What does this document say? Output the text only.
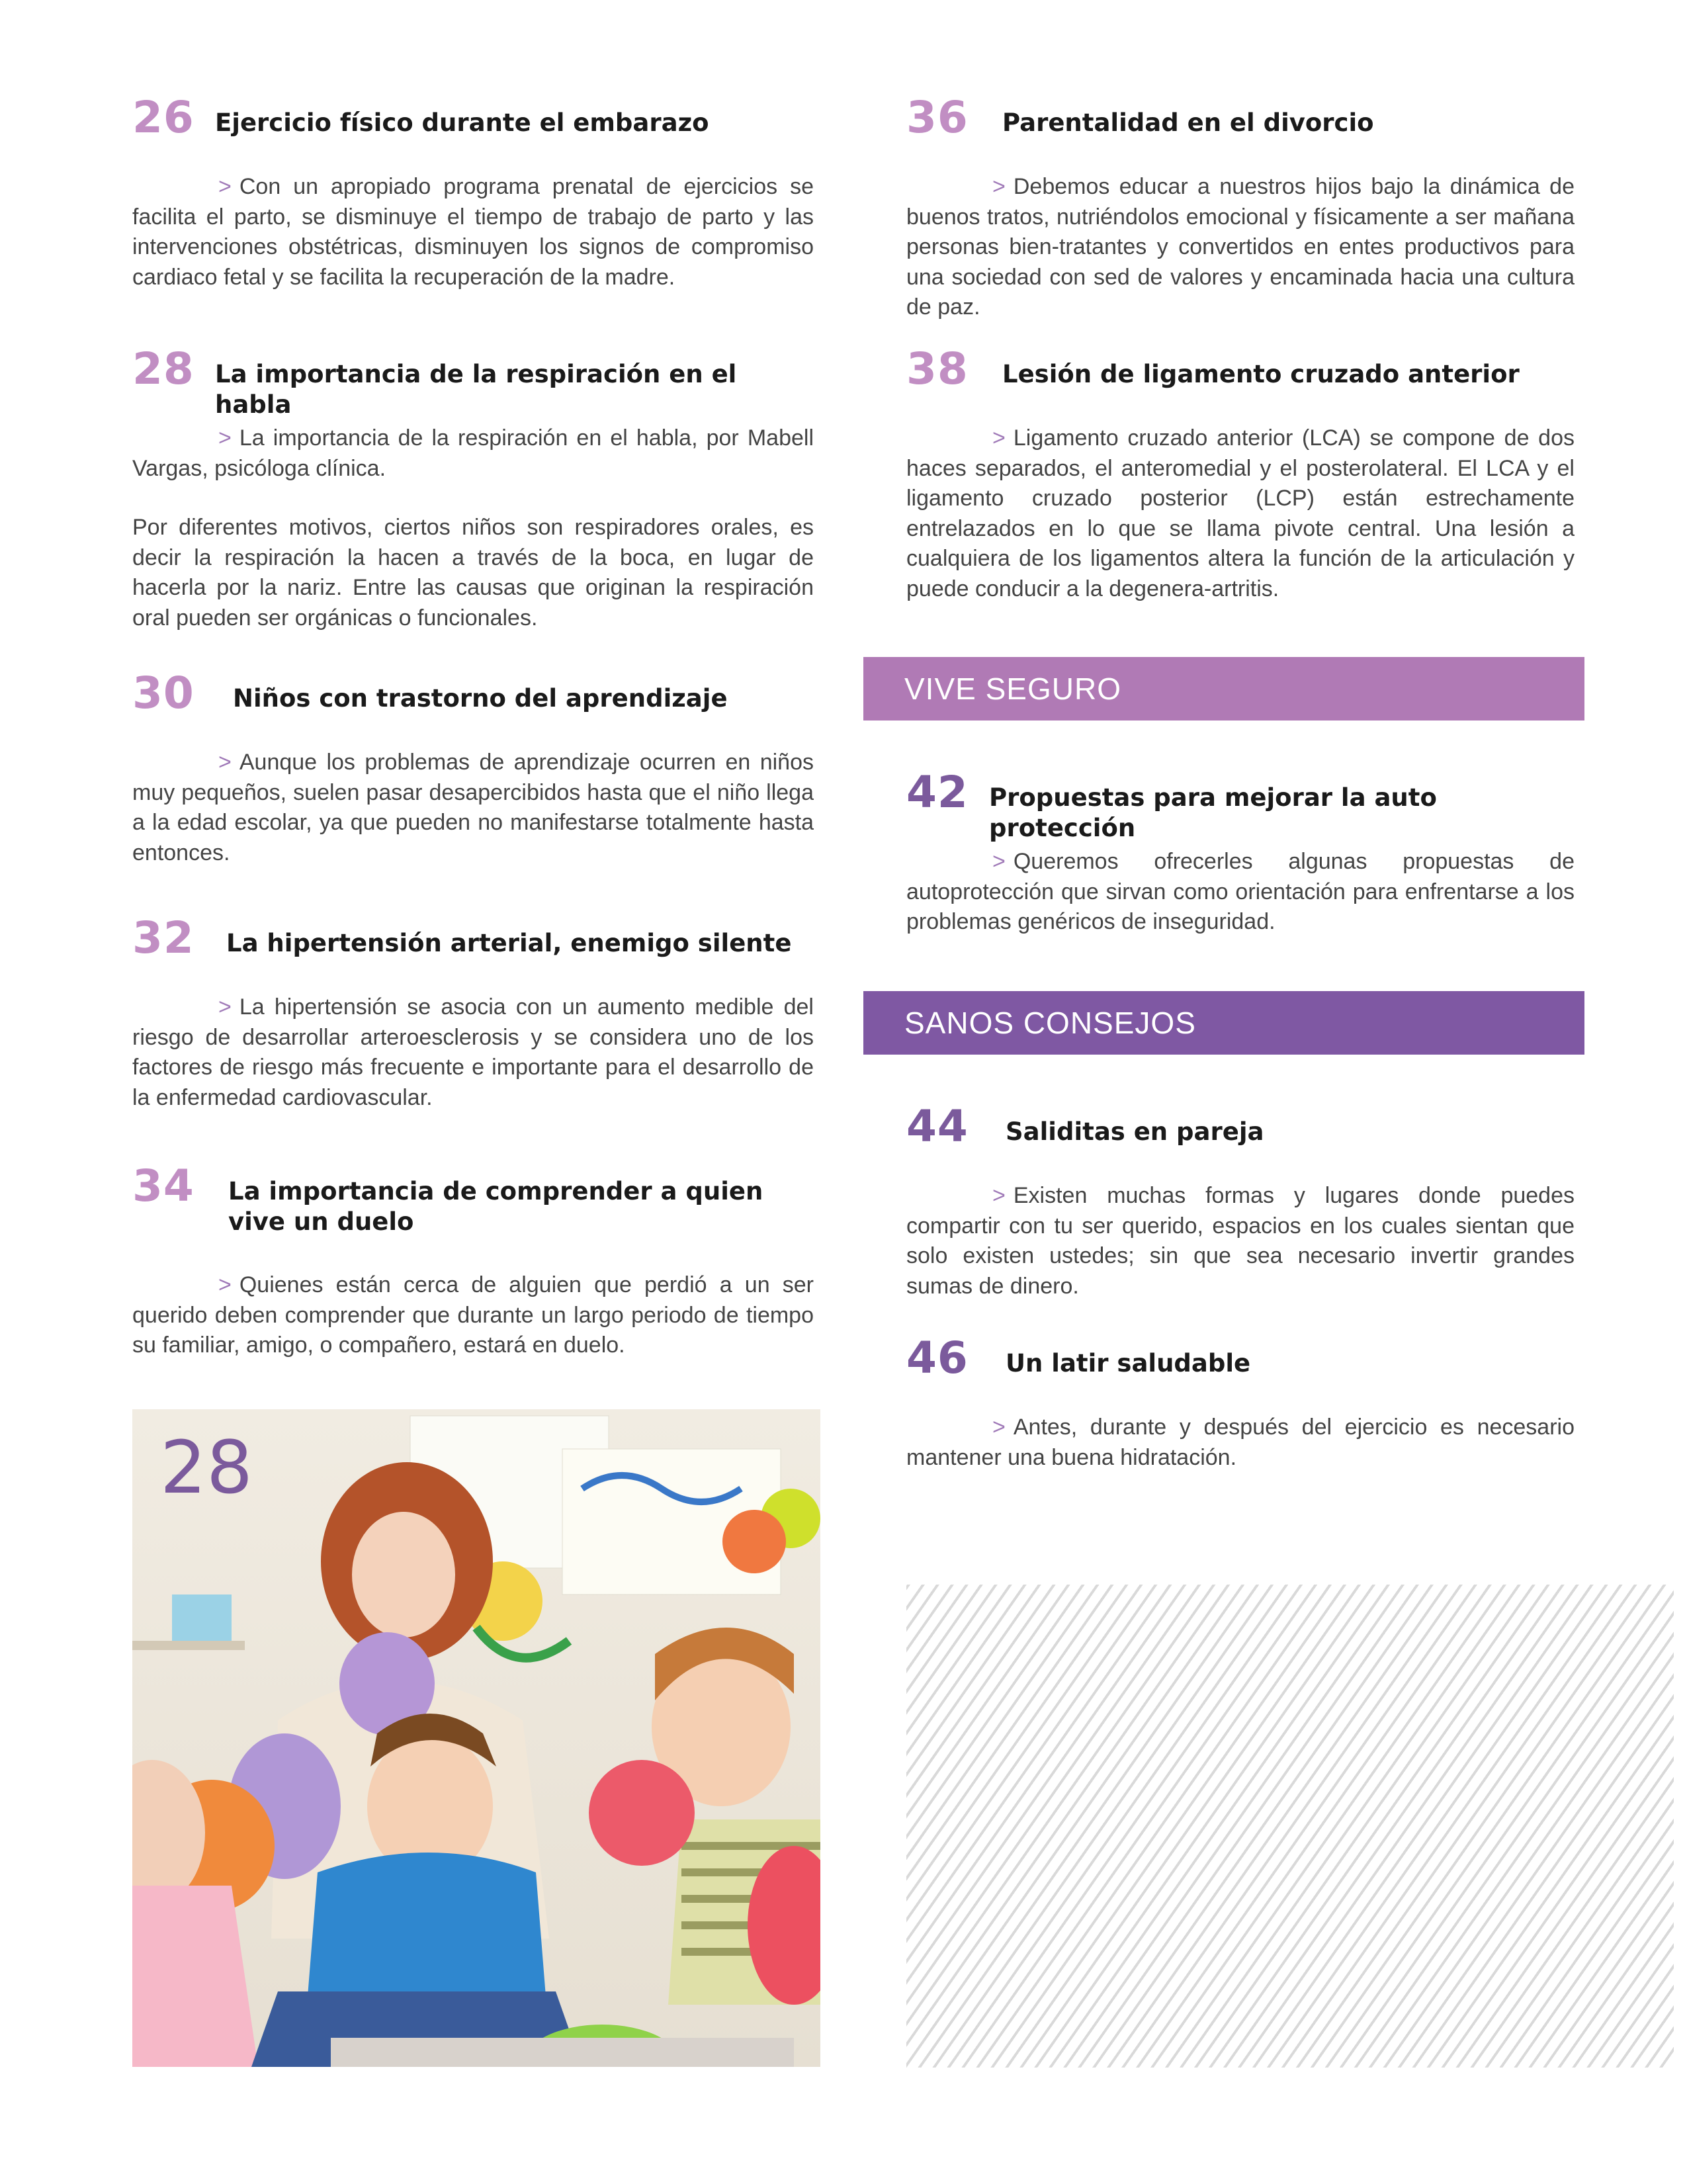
26 Ejercicio físico durante el embarazo

> Con un apropiado programa prenatal de ejercicios se facilita el parto, se disminuye el tiempo de trabajo de parto y las intervenciones obstétricas, disminuyen los signos de compromiso cardiaco fetal y se facilita la recuperación de la madre.

28 La importancia de la respiración en el habla

> La importancia de la respiración en el habla, por Mabell Vargas, psicóloga clínica.
Por diferentes motivos, ciertos niños son respiradores orales, es decir la respiración la hacen a través de la boca, en lugar de hacerla por la nariz. Entre las causas que originan la respiración oral pueden ser orgánicas o funcionales.

30 Niños con trastorno del aprendizaje

> Aunque los problemas de aprendizaje ocurren en niños muy pequeños, suelen pasar desapercibidos hasta que el niño llega a la edad escolar, ya que pueden no manifestarse totalmente hasta entonces.

32 La hipertensión arterial, enemigo silente

> La hipertensión se asocia con un aumento medible del riesgo de desarrollar arteroesclerosis y se considera uno de los factores de riesgo más frecuente e importante para el desarrollo de la enfermedad cardiovascular.

34 La importancia de comprender a quien vive un duelo

> Quienes están cerca de alguien que perdió a un ser querido deben comprender que durante un largo periodo de tiempo su familiar, amigo, o compañero, estará en duelo.

28
36 Parentalidad en el divorcio

> Debemos educar a nuestros hijos bajo la dinámica de buenos tratos, nutriéndolos emocional y físicamente a ser mañana personas bien-tratantes y convertidos en entes productivos para una sociedad con sed de valores y encaminada hacia una cultura de paz.

38 Lesión de ligamento cruzado anterior

> Ligamento cruzado anterior (LCA) se compone de dos haces separados, el anteromedial y el posterolateral. El LCA y el ligamento cruzado posterior (LCP) están estrechamente entrelazados en lo que se llama pivote central. Una lesión a cualquiera de los ligamentos altera la función de la articulación y puede conducir a la degenera-artritis.

42 Propuestas para mejorar la auto protección

> Queremos ofrecerles algunas propuestas de autoprotección que sirvan como orientación para enfrentarse a los problemas genéricos de inseguridad.

44 Saliditas en pareja

> Existen muchas formas y lugares donde puedes compartir con tu ser querido, espacios en los cuales sientan que solo existen ustedes; sin que sea necesario invertir grandes sumas de dinero.

46 Un latir saludable

> Antes, durante y después del ejercicio es necesario mantener una buena hidratación.

VIVE SEGURO
SANOS CONSEJOS
